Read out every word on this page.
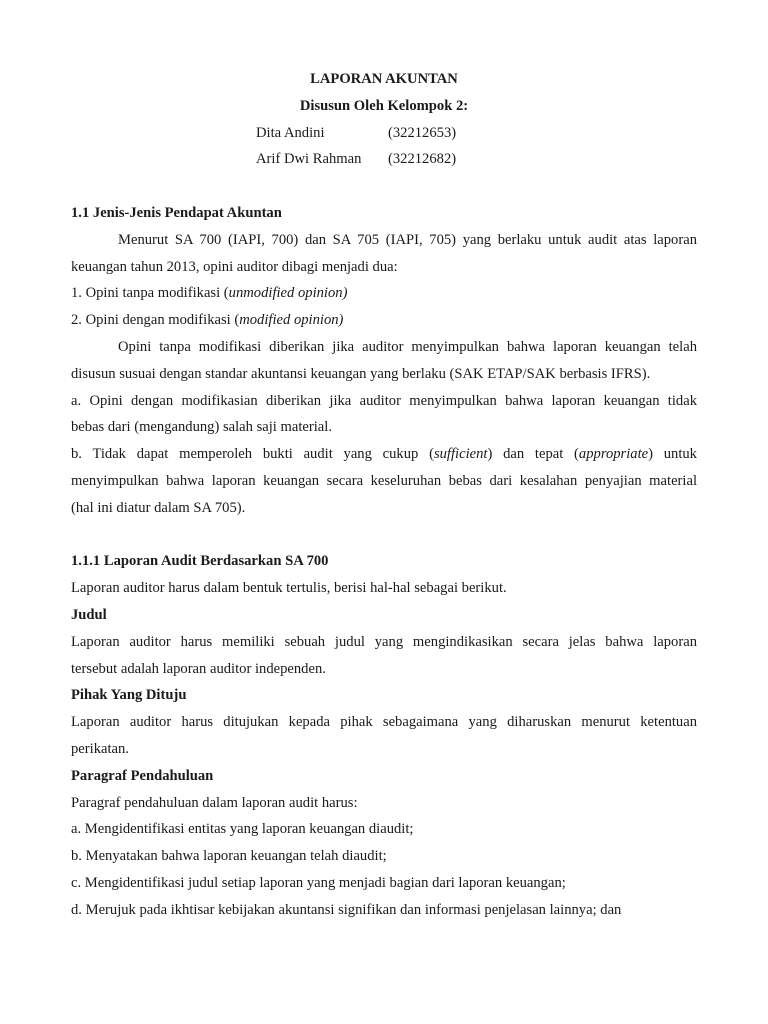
LAPORAN AKUNTAN
Disusun Oleh Kelompok 2:
Dita Andini	(32212653)
Arif Dwi Rahman (32212682)
1.1 Jenis-Jenis Pendapat Akuntan
Menurut SA 700 (IAPI, 700) dan SA 705 (IAPI, 705) yang berlaku untuk audit atas laporan
keuangan tahun 2013, opini auditor dibagi menjadi dua:
1. Opini tanpa modifikasi (unmodified opinion)
2. Opini dengan modifikasi (modified opinion)
Opini tanpa modifikasi diberikan jika auditor menyimpulkan bahwa laporan keuangan telah
disusun susuai dengan standar akuntansi keuangan yang berlaku (SAK ETAP/SAK berbasis IFRS).
a. Opini dengan modifikasian diberikan jika auditor menyimpulkan bahwa laporan keuangan tidak
bebas dari (mengandung) salah saji material.
b. Tidak dapat memperoleh bukti audit yang cukup (sufficient) dan tepat (appropriate) untuk
menyimpulkan bahwa laporan keuangan secara keseluruhan bebas dari kesalahan penyajian material
(hal ini diatur dalam SA 705).
1.1.1 Laporan Audit Berdasarkan SA 700
Laporan auditor harus dalam bentuk tertulis, berisi hal-hal sebagai berikut.
Judul
Laporan auditor harus memiliki sebuah judul yang mengindikasikan secara jelas bahwa laporan
tersebut adalah laporan auditor independen.
Pihak Yang Dituju
Laporan auditor harus ditujukan kepada pihak sebagaimana yang diharuskan menurut ketentuan
perikatan.
Paragraf Pendahuluan
Paragraf pendahuluan dalam laporan audit harus:
a. Mengidentifikasi entitas yang laporan keuangan diaudit;
b. Menyatakan bahwa laporan keuangan telah diaudit;
c. Mengidentifikasi judul setiap laporan yang menjadi bagian dari laporan keuangan;
d. Merujuk pada ikhtisar kebijakan akuntansi signifikan dan informasi penjelasan lainnya; dan
